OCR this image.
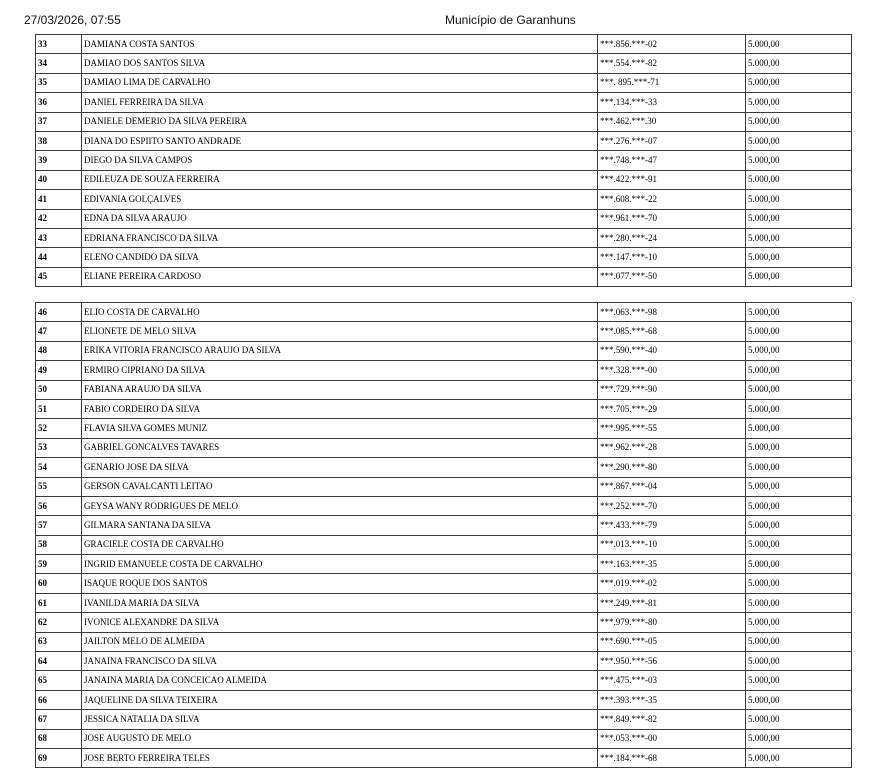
27/03/2026, 07:55	Município de Garanhuns
33	DAMIANA COSTA SANTOS	***.856.***-02	5.000,00
34	DAMIAO DOS SANTOS SILVA	***.554.***-82	5.000,00
35	DAMIAO LIMA DE CARVALHO	***. 895.***-71	5.000,00
36	DANIEL FERREIRA DA SILVA	***.134.***-33	5.000,00
37	DANIELE DEMERIO DA SILVA PEREIRA	***.462.***.30	5.000,00
38	DIANA DO ESPIITO SANTO ANDRADE	***.276.***-07	5.000,00
39	DIEGO DA SILVA CAMPOS	***.748.***-47	5.000,00
40	EDILEUZA DE SOUZA FERREIRA	***.422.***-91	5.000,00
41	EDIVANIA GOLÇALVES	***.608.***-22	5.000,00
42	EDNA DA SILVA ARAUJO	***.961.***-70	5.000,00
43	EDRIANA FRANCISCO DA SILVA	***.280.***-24	5.000,00
44	ELENO CANDIDO DA SILVA	***.147.***-10	5.000,00
45	ELIANE PEREIRA CARDOSO	***.077.***-50	5.000,00
46	ELIO COSTA DE CARVALHO	***.063.***-98	5.000,00
47	ELIONETE DE MELO SILVA	***.085.***-68	5.000,00
48	ERIKA VITORIA FRANCISCO ARAUJO DA SILVA	***.590.***-40	5.000,00
49	ERMIRO CIPRIANO DA SILVA	***.328.***-00	5.000,00
50	FABIANA ARAUJO DA SILVA	***.729.***-90	5.000,00
51	FABIO CORDEIRO DA SILVA	***.705.***-29	5.000,00
52	FLAVIA SILVA GOMES MUNIZ	***.995.***-55	5.000,00
53	GABRIEL GONCALVES TAVARES	***.962.***-28	5.000,00
54	GENARIO JOSE DA SILVA	***.290.***-80	5.000,00
55	GERSON CAVALCANTI LEITAO	***.867.***-04	5.000,00
56	GEYSA WANY RODRIGUES DE MELO	***.252.***-70	5.000,00
57	GILMARA SANTANA DA SILVA	***.433.***-79	5.000,00
58	GRACIELE COSTA DE CARVALHO	***.013.***-10	5.000,00
59	INGRID EMANUELE COSTA DE CARVALHO	***.163.***-35	5.000,00
60	ISAQUE ROQUE DOS SANTOS	***.019.***-02	5.000,00
61	IVANILDA MARIA DA SILVA	***.249.***-81	5.000,00
62	IVONICE ALEXANDRE DA SILVA	***.979.***-80	5.000,00
63	JAILTON MELO DE ALMEIDA	***.690.***-05	5.000,00
64	JANAINA FRANCISCO DA SILVA	***.950.***-56	5.000,00
65	JANAINA MARIA DA CONCEICAO ALMEIDA	***.475.***-03	5.000,00
66	JAQUELINE DA SILVA TEIXEIRA	***.393.***-35	5.000,00
67	JESSICA NATALIA DA SILVA	***.849.***-82	5.000,00
68	JOSE AUGUSTO DE MELO	***.053.***-00	5.000,00
69	JOSE BERTO FERREIRA TELES	***.184.***-68	5.000,00
